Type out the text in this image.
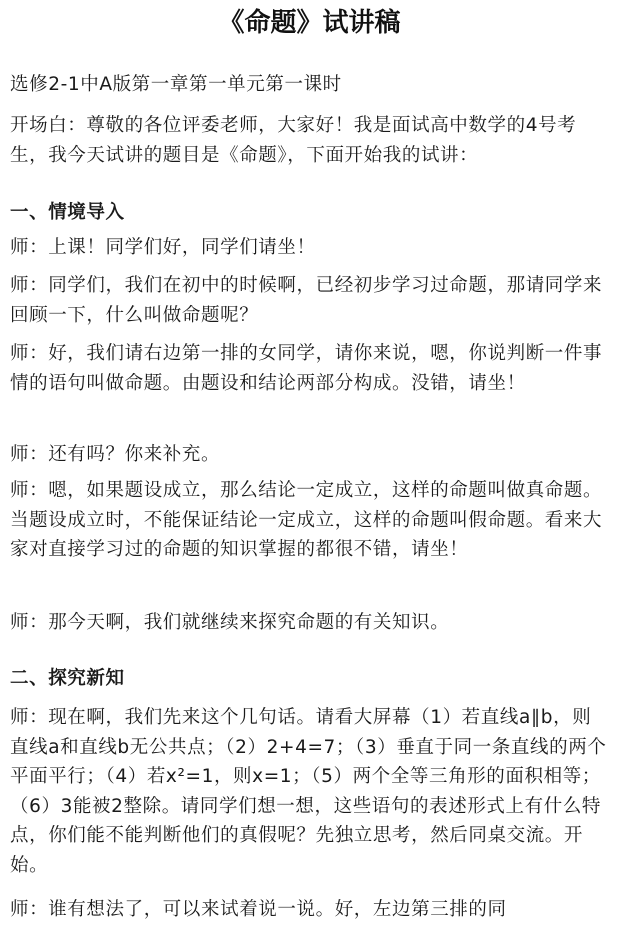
《命题》试讲稿

选修2-1中A版第一章第一单元第一课时

开场白：尊敬的各位评委老师，大家好！我是面试高中数学的4号考生，我今天试讲的题目是《命题》，下面开始我的试讲：

一、情境导入

师：上课！同学们好，同学们请坐！

师：同学们，我们在初中的时候啊，已经初步学习过命题，那请同学来回顾一下，什么叫做命题呢？

师：好，我们请右边第一排的女同学，请你来说，嗯，你说判断一件事情的语句叫做命题。由题设和结论两部分构成。没错，请坐！

师：还有吗？你来补充。

师：嗯，如果题设成立，那么结论一定成立，这样的命题叫做真命题。当题设成立时，不能保证结论一定成立，这样的命题叫假命题。看来大家对直接学习过的命题的知识掌握的都很不错，请坐！

师：那今天啊，我们就继续来探究命题的有关知识。

二、探究新知

师：现在啊，我们先来这个几句话。请看大屏幕（1）若直线a∥b，则直线a和直线b无公共点；（2）2+4=7；（3）垂直于同一条直线的两个平面平行；（4）若x²=1，则x=1；（5）两个全等三角形的面积相等；（6）3能被2整除。请同学们想一想，这些语句的表述形式上有什么特点，你们能不能判断他们的真假呢？先独立思考，然后同桌交流。开始。

师：谁有想法了，可以来试着说一说。好，左边第三排的同
